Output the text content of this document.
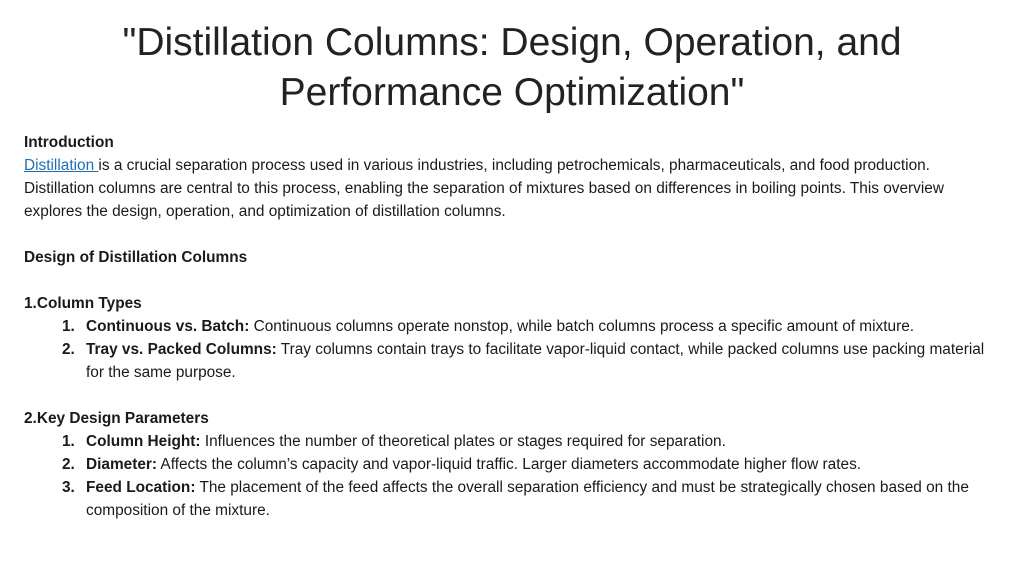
"Distillation Columns: Design, Operation, and Performance Optimization"

Introduction

Distillation is a crucial separation process used in various industries, including petrochemicals, pharmaceuticals, and food production. Distillation columns are central to this process, enabling the separation of mixtures based on differences in boiling points. This overview explores the design, operation, and optimization of distillation columns.

Design of Distillation Columns

1.Column Types

1. Continuous vs. Batch: Continuous columns operate nonstop, while batch columns process a specific amount of mixture.
2. Tray vs. Packed Columns: Tray columns contain trays to facilitate vapor-liquid contact, while packed columns use packing material for the same purpose.

2.Key Design Parameters

1. Column Height: Influences the number of theoretical plates or stages required for separation.
2. Diameter: Affects the column’s capacity and vapor-liquid traffic. Larger diameters accommodate higher flow rates.
3. Feed Location: The placement of the feed affects the overall separation efficiency and must be strategically chosen based on the composition of the mixture.
